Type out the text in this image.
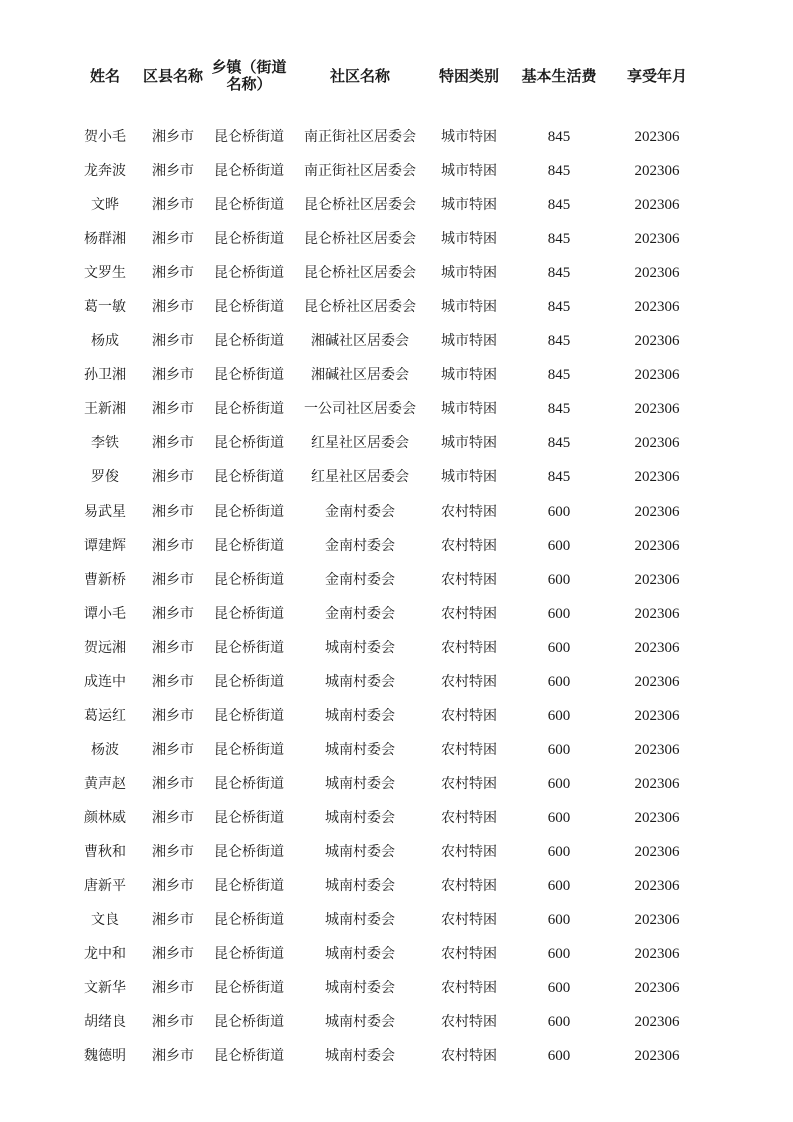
姓名	区县名称	乡镇（街道名称）	社区名称	特困类别	基本生活费	享受年月

贺小毛	湘乡市	昆仑桥街道	南正街社区居委会	城市特困	845	202306
龙奔波	湘乡市	昆仑桥街道	南正街社区居委会	城市特困	845	202306
文晔	湘乡市	昆仑桥街道	昆仑桥社区居委会	城市特困	845	202306
杨群湘	湘乡市	昆仑桥街道	昆仑桥社区居委会	城市特困	845	202306
文罗生	湘乡市	昆仑桥街道	昆仑桥社区居委会	城市特困	845	202306
葛一敏	湘乡市	昆仑桥街道	昆仑桥社区居委会	城市特困	845	202306
杨成	湘乡市	昆仑桥街道	湘碱社区居委会	城市特困	845	202306
孙卫湘	湘乡市	昆仑桥街道	湘碱社区居委会	城市特困	845	202306
王新湘	湘乡市	昆仑桥街道	一公司社区居委会	城市特困	845	202306
李铁	湘乡市	昆仑桥街道	红星社区居委会	城市特困	845	202306
罗俊	湘乡市	昆仑桥街道	红星社区居委会	城市特困	845	202306
易武星	湘乡市	昆仑桥街道	金南村委会	农村特困	600	202306
谭建辉	湘乡市	昆仑桥街道	金南村委会	农村特困	600	202306
曹新桥	湘乡市	昆仑桥街道	金南村委会	农村特困	600	202306
谭小毛	湘乡市	昆仑桥街道	金南村委会	农村特困	600	202306
贺远湘	湘乡市	昆仑桥街道	城南村委会	农村特困	600	202306
成连中	湘乡市	昆仑桥街道	城南村委会	农村特困	600	202306
葛运红	湘乡市	昆仑桥街道	城南村委会	农村特困	600	202306
杨波	湘乡市	昆仑桥街道	城南村委会	农村特困	600	202306
黄声赵	湘乡市	昆仑桥街道	城南村委会	农村特困	600	202306
颜林威	湘乡市	昆仑桥街道	城南村委会	农村特困	600	202306
曹秋和	湘乡市	昆仑桥街道	城南村委会	农村特困	600	202306
唐新平	湘乡市	昆仑桥街道	城南村委会	农村特困	600	202306
文良	湘乡市	昆仑桥街道	城南村委会	农村特困	600	202306
龙中和	湘乡市	昆仑桥街道	城南村委会	农村特困	600	202306
文新华	湘乡市	昆仑桥街道	城南村委会	农村特困	600	202306
胡绪良	湘乡市	昆仑桥街道	城南村委会	农村特困	600	202306
魏德明	湘乡市	昆仑桥街道	城南村委会	农村特困	600	202306
